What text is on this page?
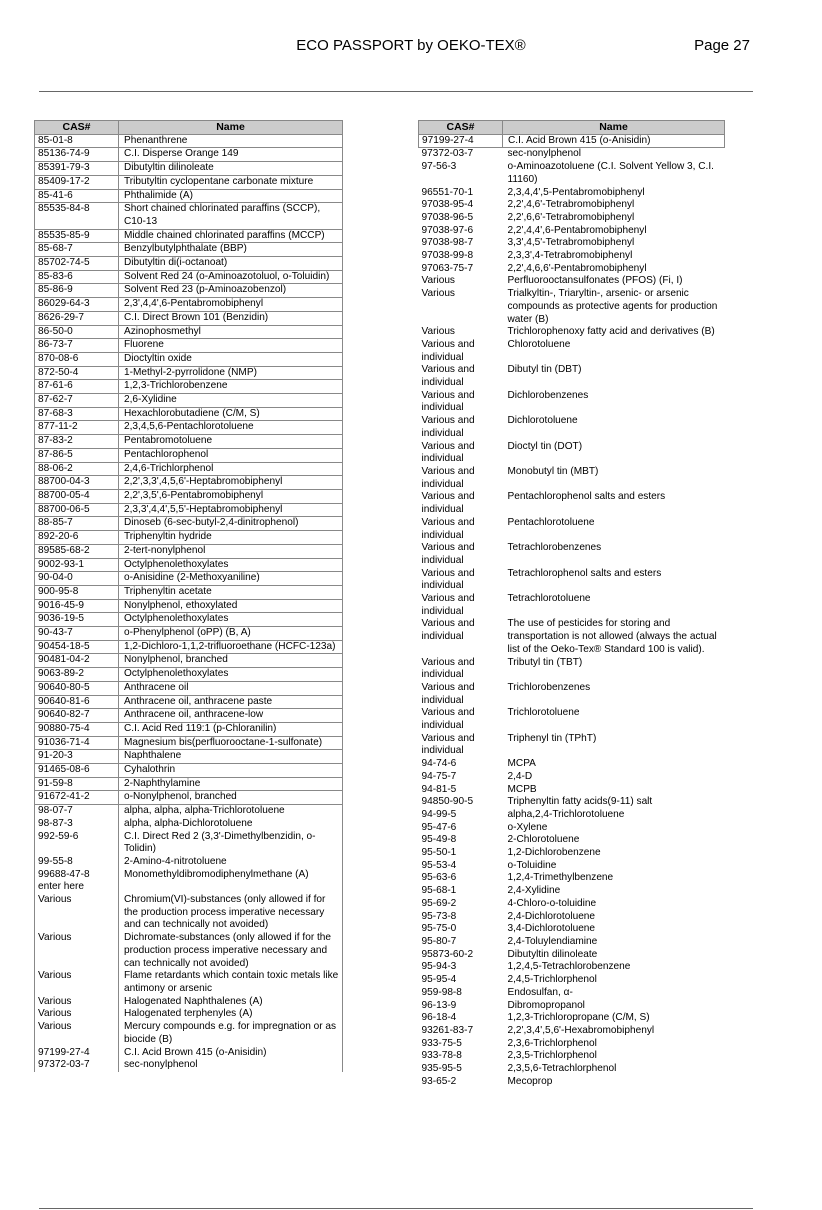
ECO PASSPORT by OEKO-TEX®	Page 27
CAS#	Name
85-01-8	Phenanthrene
85136-74-9	C.I. Disperse Orange 149
85391-79-3	Dibutyltin dilinoleate
85409-17-2	Tributyltin cyclopentane carbonate mixture
85-41-6	Phthalimide (A)
85535-84-8	Short chained chlorinated paraffins (SCCP), C10-13
85535-85-9	Middle chained chlorinated paraffins (MCCP)
85-68-7	Benzylbutylphthalate (BBP)
85702-74-5	Dibutyltin di(i-octanoat)
85-83-6	Solvent Red 24 (o-Aminoazotoluol, o-Toluidin)
85-86-9	Solvent Red 23 (p-Aminoazobenzol)
86029-64-3	2,3',4,4',6-Pentabromobiphenyl
8626-29-7	C.I. Direct Brown 101 (Benzidin)
86-50-0	Azinophosmethyl
86-73-7	Fluorene
870-08-6	Dioctyltin oxide
872-50-4	1-Methyl-2-pyrrolidone (NMP)
87-61-6	1,2,3-Trichlorobenzene
87-62-7	2,6-Xylidine
87-68-3	Hexachlorobutadiene (C/M, S)
877-11-2	2,3,4,5,6-Pentachlorotoluene
87-83-2	Pentabromotoluene
87-86-5	Pentachlorophenol
88-06-2	2,4,6-Trichlorphenol
88700-04-3	2,2',3,3',4,5,6'-Heptabromobiphenyl
88700-05-4	2,2',3,5',6-Pentabromobiphenyl
88700-06-5	2,3,3',4,4',5,5'-Heptabromobiphenyl
88-85-7	Dinoseb (6-sec-butyl-2,4-dinitrophenol)
892-20-6	Triphenyltin hydride
89585-68-2	2-tert-nonylphenol
9002-93-1	Octylphenolethoxylates
90-04-0	o-Anisidine (2-Methoxyaniline)
900-95-8	Triphenyltin acetate
9016-45-9	Nonylphenol, ethoxylated
9036-19-5	Octylphenolethoxylates
90-43-7	o-Phenylphenol (oPP) (B, A)
90454-18-5	1,2-Dichloro-1,1,2-trifluoroethane (HCFC-123a)
90481-04-2	Nonylphenol, branched
9063-89-2	Octylphenolethoxylates
90640-80-5	Anthracene oil
90640-81-6	Anthracene oil, anthracene paste
90640-82-7	Anthracene oil, anthracene-low
90880-75-4	C.I. Acid Red 119:1 (p-Chloranilin)
91036-71-4	Magnesium bis(perfluorooctane-1-sulfonate)
91-20-3	Naphthalene
91465-08-6	Cyhalothrin
91-59-8	2-Naphthylamine
91672-41-2	o-Nonylphenol, branched
98-07-7	alpha, alpha, alpha-Trichlorotoluene
98-87-3	alpha, alpha-Dichlorotoluene
992-59-6	C.I. Direct Red 2 (3,3'-Dimethylbenzidin, o-Tolidin)
99-55-8	2-Amino-4-nitrotoluene
99688-47-8 enter here	Monomethyldibromodiphenylmethane (A)
Various	Chromium(VI)-substances (only allowed if for the production process imperative necessary and can technically not avoided)
Various	Dichromate-substances (only allowed if for the production process imperative necessary and can technically not avoided)
Various	Flame retardants which contain toxic metals like antimony or arsenic
Various	Halogenated Naphthalenes (A)
Various	Halogenated terphenyles (A)
Various	Mercury compounds e.g. for impregnation or as biocide (B)
97199-27-4	C.I. Acid Brown 415 (o-Anisidin)
97372-03-7	sec-nonylphenol
CAS#	Name
97199-27-4	C.I. Acid Brown 415 (o-Anisidin)
97372-03-7	sec-nonylphenol
97-56-3	o-Aminoazotoluene (C.I. Solvent Yellow 3, C.I. 11160)
96551-70-1	2,3,4,4',5-Pentabromobiphenyl
97038-95-4	2,2',4,6'-Tetrabromobiphenyl
97038-96-5	2,2',6,6'-Tetrabromobiphenyl
97038-97-6	2,2',4,4',6-Pentabromobiphenyl
97038-98-7	3,3',4,5'-Tetrabromobiphenyl
97038-99-8	2,3,3',4-Tetrabromobiphenyl
97063-75-7	2,2',4,6,6'-Pentabromobiphenyl
Various	Perfluorooctansulfonates (PFOS) (Fi, I)
Various	Trialkyltin-, Triaryltin-, arsenic- or arsenic compounds as protective agents for production water (B)
Various	Trichlorophenoxy fatty acid and derivatives (B)
Various and individual	Chlorotoluene
Various and individual	Dibutyl tin (DBT)
Various and individual	Dichlorobenzenes
Various and individual	Dichlorotoluene
Various and individual	Dioctyl tin (DOT)
Various and individual	Monobutyl tin (MBT)
Various and individual	Pentachlorophenol salts and esters
Various and individual	Pentachlorotoluene
Various and individual	Tetrachlorobenzenes
Various and individual	Tetrachlorophenol salts and esters
Various and individual	Tetrachlorotoluene
Various and individual	The use of pesticides for storing and transportation is not allowed (always the actual list of the Oeko-Tex® Standard 100 is valid).
Various and individual	Tributyl tin (TBT)
Various and individual	Trichlorobenzenes
Various and individual	Trichlorotoluene
Various and individual	Triphenyl tin (TPhT)
94-74-6	MCPA
94-75-7	2,4-D
94-81-5	MCPB
94850-90-5	Triphenyltin fatty acids(9-11) salt
94-99-5	alpha,2,4-Trichlorotoluene
95-47-6	o-Xylene
95-49-8	2-Chlorotoluene
95-50-1	1,2-Dichlorobenzene
95-53-4	o-Toluidine
95-63-6	1,2,4-Trimethylbenzene
95-68-1	2,4-Xylidine
95-69-2	4-Chloro-o-toluidine
95-73-8	2,4-Dichlorotoluene
95-75-0	3,4-Dichlorotoluene
95-80-7	2,4-Toluylendiamine
95873-60-2	Dibutyltin dilinoleate
95-94-3	1,2,4,5-Tetrachlorobenzene
95-95-4	2,4,5-Trichlorphenol
959-98-8	Endosulfan, α-
96-13-9	Dibromopropanol
96-18-4	1,2,3-Trichloropropane (C/M, S)
93261-83-7	2,2',3,4',5,6'-Hexabromobiphenyl
933-75-5	2,3,6-Trichlorphenol
933-78-8	2,3,5-Trichlorphenol
935-95-5	2,3,5,6-Tetrachlorphenol
93-65-2	Mecoprop
